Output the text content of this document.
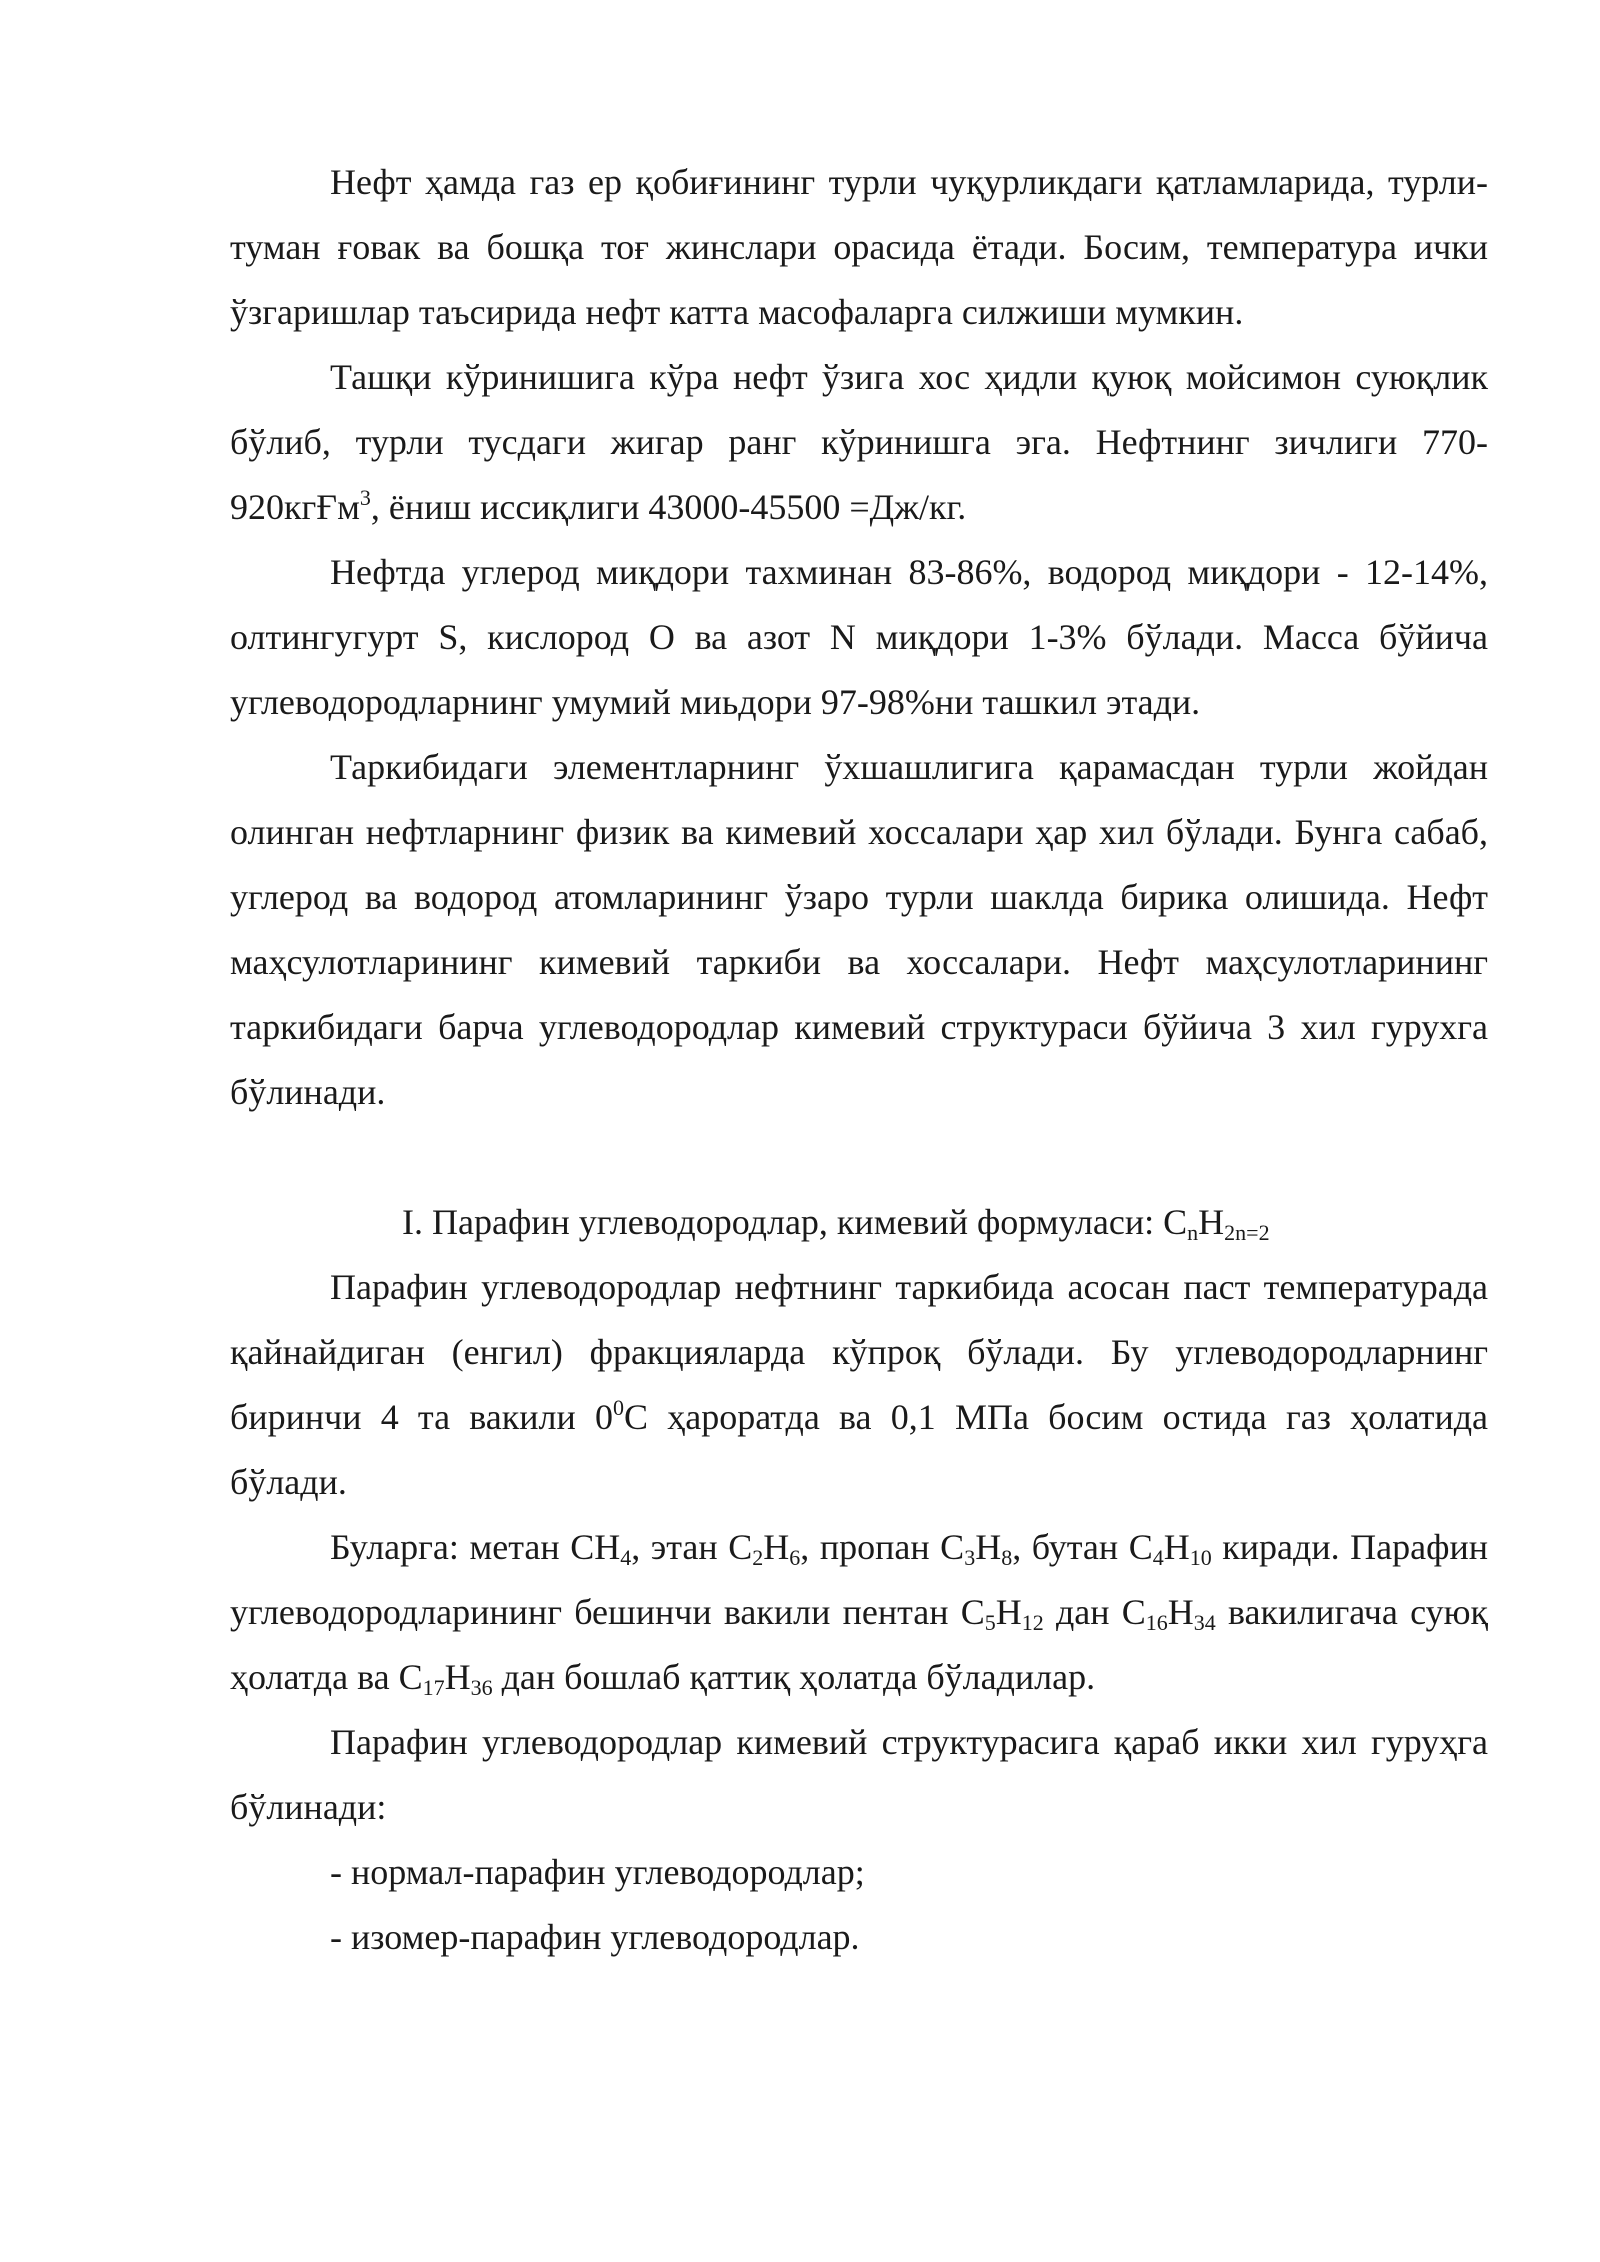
Нефт ҳамда газ ер қобиғининг турли чуқурликдаги қатламларида, турли-туман ғовак ва бошқа тоғ жинслари орасида ётади. Босим, температура ички ўзгаришлар таъсирида нефт катта масофаларга силжиши мумкин.

Ташқи кўринишига кўра нефт ўзига хос ҳидли қуюқ мойсимон суюқлик бўлиб, турли тусдаги жигар ранг кўринишга эга. Нефтнинг зичлиги 770-920кгҒм$^3$, ёниш иссиқлиги 43000-45500 =Дж/кг.

Нефтда углерод миқдори тахминан 83-86%, водород миқдори - 12-14%, олтингугурт S, кислород O ва азот N миқдори 1-3% бўлади. Масса бўйича углеводородларнинг умумий миьдори 97-98%ни ташкил этади.

Таркибидаги элементларнинг ўхшашлигига қарамасдан турли жойдан олинган нефтларнинг физик ва кимевий хоссалари ҳар хил бўлади. Бунга сабаб, углерод ва водород атомларининг ўзаро турли шаклда бирика олишида. Нефт маҳсулотларининг кимевий таркиби ва хоссалари. Нефт маҳсулотларининг таркибидаги барча углеводородлар кимевий структураси бўйича 3 хил гурухга бўлинади.

I. Парафин углеводородлар, кимевий формуласи: $C_nH_{2n=2}$

Парафин углеводородлар нефтнинг таркибида асосан паст температурада қайнайдиган (енгил) фракцияларда кўпроқ бўлади. Бу углеводородларнинг биринчи 4 та вакили $0^0C$ ҳароратда ва 0,1 МПа босим остида газ ҳолатида бўлади.

Буларга: метан $CH_4$, этан $C_2H_6$, пропан $C_3H_8$, бутан $C_4H_{10}$ киради. Парафин углеводородларининг бешинчи вакили пентан $C_5H_{12}$ дан $C_{16}H_{34}$ вакилигача суюқ ҳолатда ва $C_{17}H_{36}$ дан бошлаб қаттиқ ҳолатда бўладилар.

Парафин углеводородлар кимевий структурасига қараб икки хил гуруҳга бўлинади:

- нормал-парафин углеводородлар;

- изомер-парафин углеводородлар.
